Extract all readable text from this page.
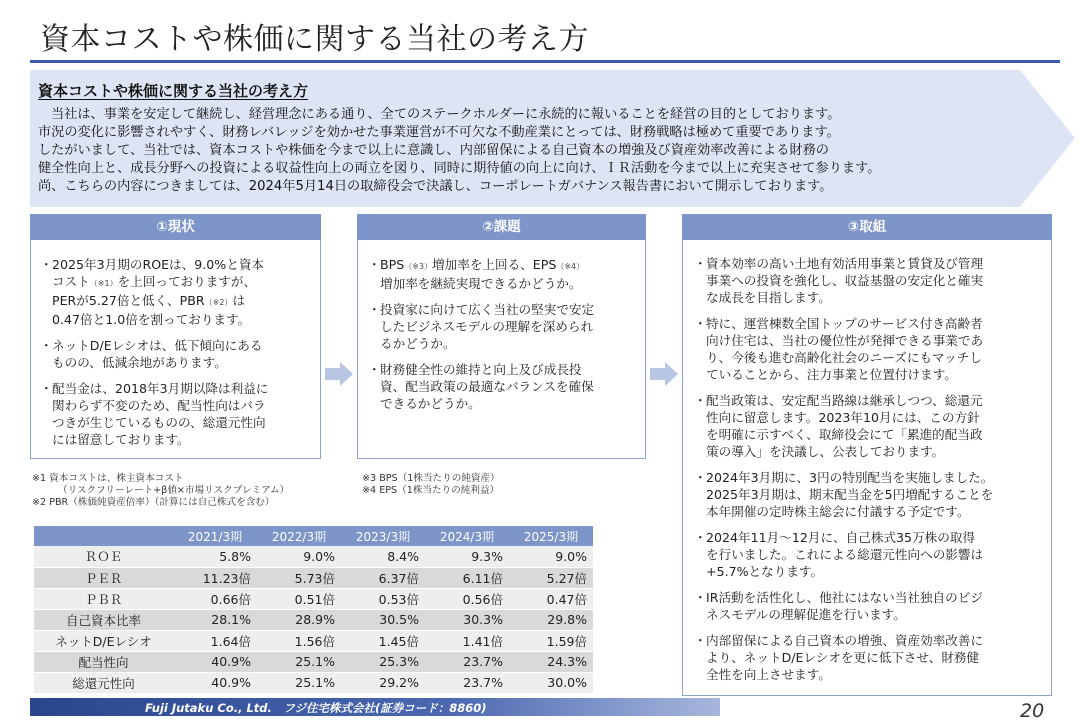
資本コストや株価に関する当社の考え方
資本コストや株価に関する当社の考え方
当社は、事業を安定して継続し、経営理念にある通り、全てのステークホルダーに永続的に報いることを経営の目的としております。
市況の変化に影響されやすく、財務レバレッジを効かせた事業運営が不可欠な不動産業にとっては、財務戦略は極めて重要であります。
したがいまして、当社では、資本コストや株価を今まで以上に意識し、内部留保による自己資本の増強及び資産効率改善による財務の
健全性向上と、成長分野への投資による収益性向上の両立を図り、同時に期待値の向上に向け、ＩＲ活動を今まで以上に充実させて参ります。
尚、こちらの内容につきましては、2024年5月14日の取締役会で決議し、コーポレートガバナンス報告書において開示しております。
①現状
・ 2025年3月期のROEは、9.0%と資本
コスト（※1）を上回っておりますが、
PERが5.27倍と低く、PBR（※2）は
0.47倍と1.0倍を割っております。
・ ネットD/Eレシオは、低下傾向にある
ものの、低減余地があります。
・ 配当金は、2018年3月期以降は利益に
関わらず不変のため、配当性向はバラ
つきが生じているものの、総還元性向
には留意しております。
②課題
・ BPS（※3）増加率を上回る、EPS（※4）
増加率を継続実現できるかどうか。
・ 投資家に向けて広く当社の堅実で安定
したビジネスモデルの理解を深められ
るかどうか。
・ 財務健全性の維持と向上及び成長投
資、配当政策の最適なバランスを確保
できるかどうか。
③取組
・ 資本効率の高い土地有効活用事業と賃貸及び管理
事業への投資を強化し、収益基盤の安定化と確実
な成長を目指します。
・ 特に、運営棟数全国トップのサービス付き高齢者
向け住宅は、当社の優位性が発揮できる事業であ
り、今後も進む高齢化社会のニーズにもマッチし
ていることから、注力事業と位置付けます。
・ 配当政策は、安定配当路線は継承しつつ、総還元
性向に留意します。2023年10月には、この方針
を明確に示すべく、取締役会にて「累進的配当政
策の導入」を決議し、公表しております。
・ 2024年3月期に、3円の特別配当を実施しました。
2025年3月期は、期末配当金を5円増配することを
本年開催の定時株主総会に付議する予定です。
・ 2024年11月～12月に、自己株式35万株の取得
を行いました。これによる総還元性向への影響は
+5.7%となります。
・ IR活動を活性化し、他社にはない当社独自のビジ
ネスモデルの理解促進を行います。
・ 内部留保による自己資本の増強、資産効率改善に
より、ネットD/Eレシオを更に低下させ、財務健
全性を向上させます。
※1 資本コストは、株主資本コスト
（リスクフリーレート+β値×市場リスクプレミアム）
※2 PBR（株価純資産倍率）（計算には自己株式を含む）
※3 BPS（1株当たりの純資産）
※4 EPS（1株当たりの純利益）
	2021/3期	2022/3期	2023/3期	2024/3期	2025/3期
ＲＯＥ	5.8%	9.0%	8.4%	9.3%	9.0%
ＰＥＲ	11.23倍	5.73倍	6.37倍	6.11倍	5.27倍
ＰＢＲ	0.66倍	0.51倍	0.53倍	0.56倍	0.47倍
自己資本比率	28.1%	28.9%	30.5%	30.3%	29.8%
ネットD/Eレシオ	1.64倍	1.56倍	1.45倍	1.41倍	1.59倍
配当性向	40.9%	25.1%	25.3%	23.7%	24.3%
総還元性向	40.9%	25.1%	29.2%	23.7%	30.0%
Fuji Jutaku Co., Ltd.　フジ住宅株式会社(証券コード：8860)	20
